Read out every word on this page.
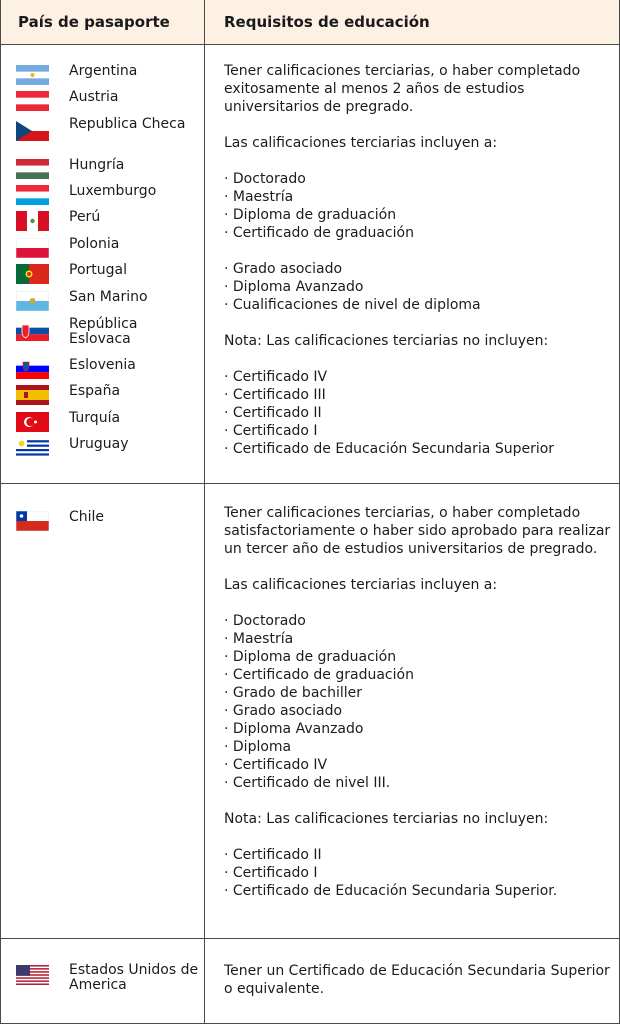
País de pasaporte	Requisitos de educación
Argentina
Austria
Republica Checa
Hungría
Luxemburgo
Perú
Polonia
Portugal
San Marino
República Eslovaca
Eslovenia
España
Turquía
Uruguay

Tener calificaciones terciarias, o haber completado exitosamente al menos 2 años de estudios universitarios de pregrado.

Las calificaciones terciarias incluyen a:

· Doctorado

· Maestría

· Diploma de graduación

· Certificado de graduación

· Grado asociado

· Diploma Avanzado

· Cualificaciones de nivel de diploma

Nota: Las calificaciones terciarias no incluyen:

· Certificado IV

· Certificado III

· Certificado II

· Certificado I

· Certificado de Educación Secundaria Superior

Chile	Tener calificaciones terciarias, o haber completado satisfactoriamente o haber sido aprobado para realizar un tercer año de estudios universitarios de pregrado.

Las calificaciones terciarias incluyen a:

· Doctorado

· Maestría

· Diploma de graduación

· Certificado de graduación

· Grado de bachiller

· Grado asociado

· Diploma Avanzado

· Diploma

· Certificado IV

· Certificado de nivel III.

Nota: Las calificaciones terciarias no incluyen:

· Certificado II

· Certificado I

· Certificado de Educación Secundaria Superior.

Estados Unidos de America

Tener un Certificado de Educación Secundaria Superior o equivalente.
